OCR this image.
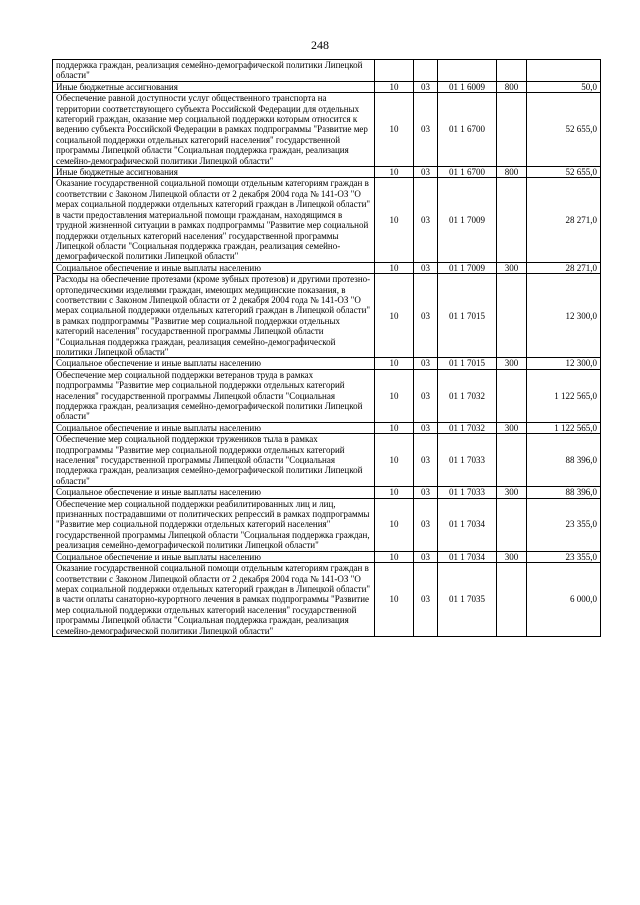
248
поддержка граждан, реализация семейно-демографической политики Липецкой области"					
Иные бюджетные ассигнования	10	03	01 1 6009	800	50,0
Обеспечение равной доступности услуг общественного транспорта на территории соответствующего субъекта Российской Федерации для отдельных категорий граждан, оказание мер социальной поддержки которым относится к ведению субъекта Российской Федерации в рамках подпрограммы "Развитие мер социальной поддержки отдельных категорий населения" государственной программы Липецкой области "Социальная поддержка граждан, реализация семейно-демографической политики Липецкой области"	10	03	01 1 6700		52 655,0
Иные бюджетные ассигнования	10	03	01 1 6700	800	52 655,0
Оказание государственной социальной помощи отдельным категориям граждан в соответствии с Законом Липецкой области от 2 декабря 2004 года № 141-ОЗ "О мерах социальной поддержки отдельных категорий граждан в Липецкой области" в части предоставления материальной помощи гражданам, находящимся в трудной жизненной ситуации в рамках подпрограммы "Развитие мер социальной поддержки отдельных категорий населения" государственной программы Липецкой области "Социальная поддержка граждан, реализация семейно-демографической политики Липецкой области"	10	03	01 1 7009		28 271,0
Социальное обеспечение и иные выплаты населению	10	03	01 1 7009	300	28 271,0
Расходы на обеспечение протезами (кроме зубных протезов) и другими протезно-ортопедическими изделиями граждан, имеющих медицинские показания, в соответствии с Законом Липецкой области от 2 декабря 2004 года № 141-ОЗ "О мерах социальной поддержки отдельных категорий граждан в Липецкой области" в рамках подпрограммы "Развитие мер социальной поддержки отдельных категорий населения" государственной программы Липецкой области "Социальная поддержка граждан, реализация семейно-демографической политики Липецкой области"	10	03	01 1 7015		12 300,0
Социальное обеспечение и иные выплаты населению	10	03	01 1 7015	300	12 300,0
Обеспечение мер социальной поддержки ветеранов труда в рамках подпрограммы "Развитие мер социальной поддержки отдельных категорий населения" государственной программы Липецкой области "Социальная поддержка граждан, реализация семейно-демографической политики Липецкой области"	10	03	01 1 7032		1 122 565,0
Социальное обеспечение и иные выплаты населению	10	03	01 1 7032	300	1 122 565,0
Обеспечение мер социальной поддержки тружеников тыла в рамках подпрограммы "Развитие мер социальной поддержки отдельных категорий населения" государственной программы Липецкой области "Социальная поддержка граждан, реализация семейно-демографической политики Липецкой области"	10	03	01 1 7033		88 396,0
Социальное обеспечение и иные выплаты населению	10	03	01 1 7033	300	88 396,0
Обеспечение мер социальной поддержки реабилитированных лиц и лиц, признанных пострадавшими от политических репрессий в рамках подпрограммы "Развитие мер социальной поддержки отдельных категорий населения" государственной программы Липецкой области "Социальная поддержка граждан, реализация семейно-демографической политики Липецкой области"	10	03	01 1 7034		23 355,0
Социальное обеспечение и иные выплаты населению	10	03	01 1 7034	300	23 355,0
Оказание государственной социальной помощи отдельным категориям граждан в соответствии с Законом Липецкой области от 2 декабря 2004 года № 141-ОЗ "О мерах социальной поддержки отдельных категорий граждан в Липецкой области" в части оплаты санаторно-курортного лечения в рамках подпрограммы "Развитие мер социальной поддержки отдельных категорий населения" государственной программы Липецкой области "Социальная поддержка граждан, реализация семейно-демографической политики Липецкой области"	10	03	01 1 7035		6 000,0
